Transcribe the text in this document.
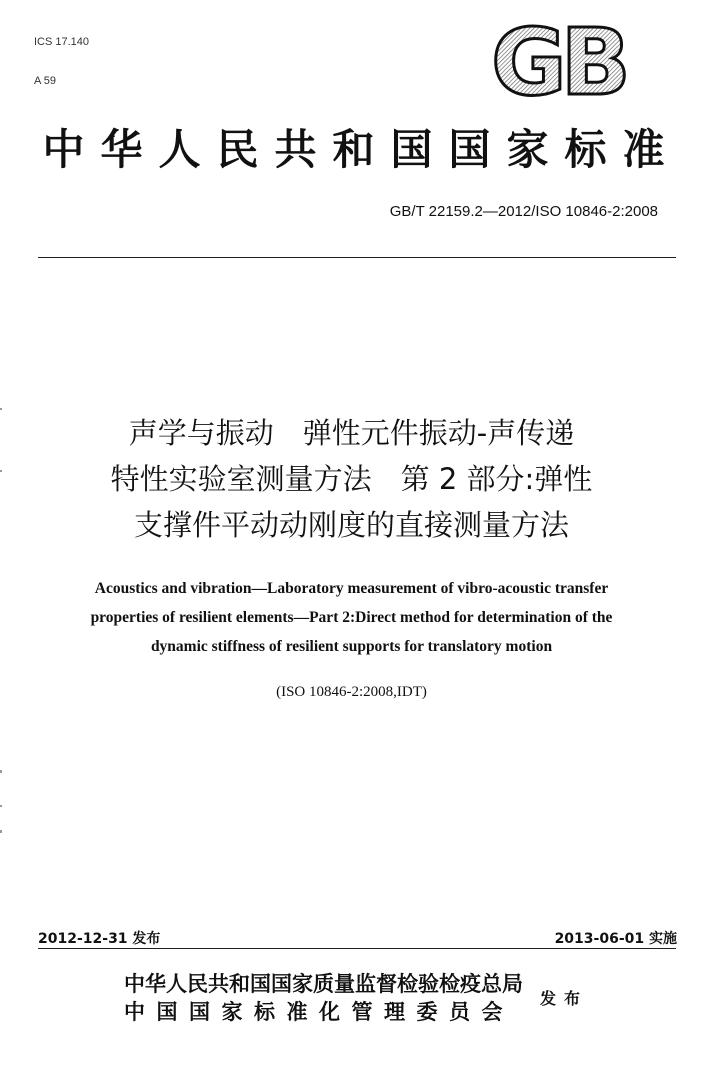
ICS 17.140

A 59	GB
中华人民共和国国家标准
GB/T 22159.2—2012/ISO 10846-2:2008
声学与振动　弹性元件振动-声传递
特性实验室测量方法　第 2 部分:弹性
支撑件平动动刚度的直接测量方法
Acoustics and vibration—Laboratory measurement of vibro-acoustic transfer
properties of resilient elements—Part 2:Direct method for determination of the
dynamic stiffness of resilient supports for translatory motion
(ISO 10846-2:2008,IDT)
2012-12-31 发布	2013-06-01 实施
中华人民共和国国家质量监督检验检疫总局
中国国家标准化管理委员会
发布
